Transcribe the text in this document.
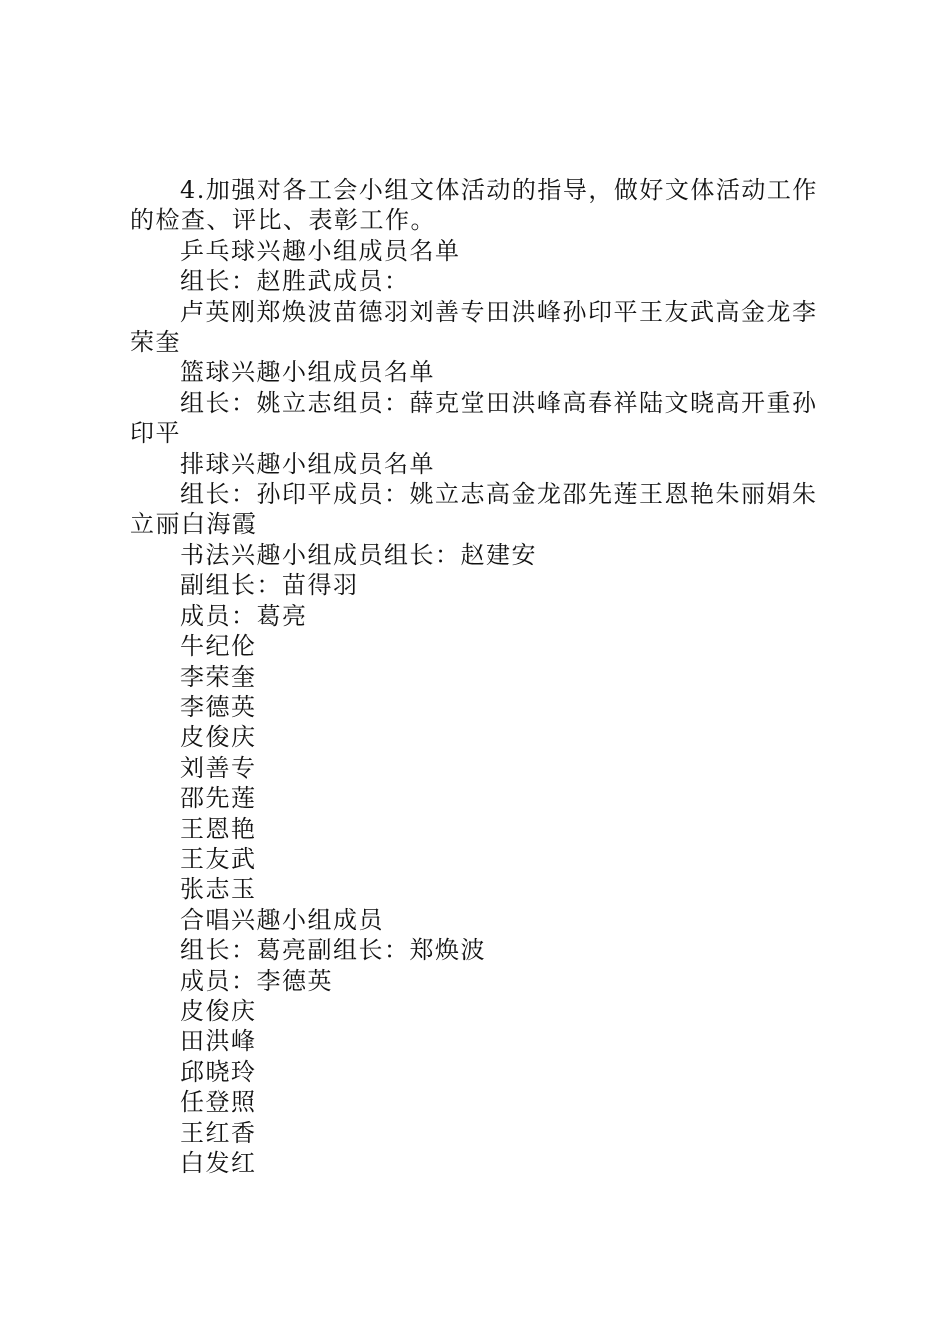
4.加强对各工会小组文体活动的指导，做好文体活动工作的检查、评比、表彰工作。

乒乓球兴趣小组成员名单

组长：赵胜武成员：

卢英刚郑焕波苗德羽刘善专田洪峰孙印平王友武高金龙李荣奎

篮球兴趣小组成员名单

组长：姚立志组员：薛克堂田洪峰高春祥陆文晓高开重孙印平

排球兴趣小组成员名单

组长：孙印平成员：姚立志高金龙邵先莲王恩艳朱丽娟朱立丽白海霞

书法兴趣小组成员组长：赵建安

副组长：苗得羽

成员：葛亮

牛纪伦

李荣奎

李德英

皮俊庆

刘善专

邵先莲

王恩艳

王友武

张志玉

合唱兴趣小组成员

组长：葛亮副组长：郑焕波

成员：李德英

皮俊庆

田洪峰

邱晓玲

任登照

王红香

白发红
